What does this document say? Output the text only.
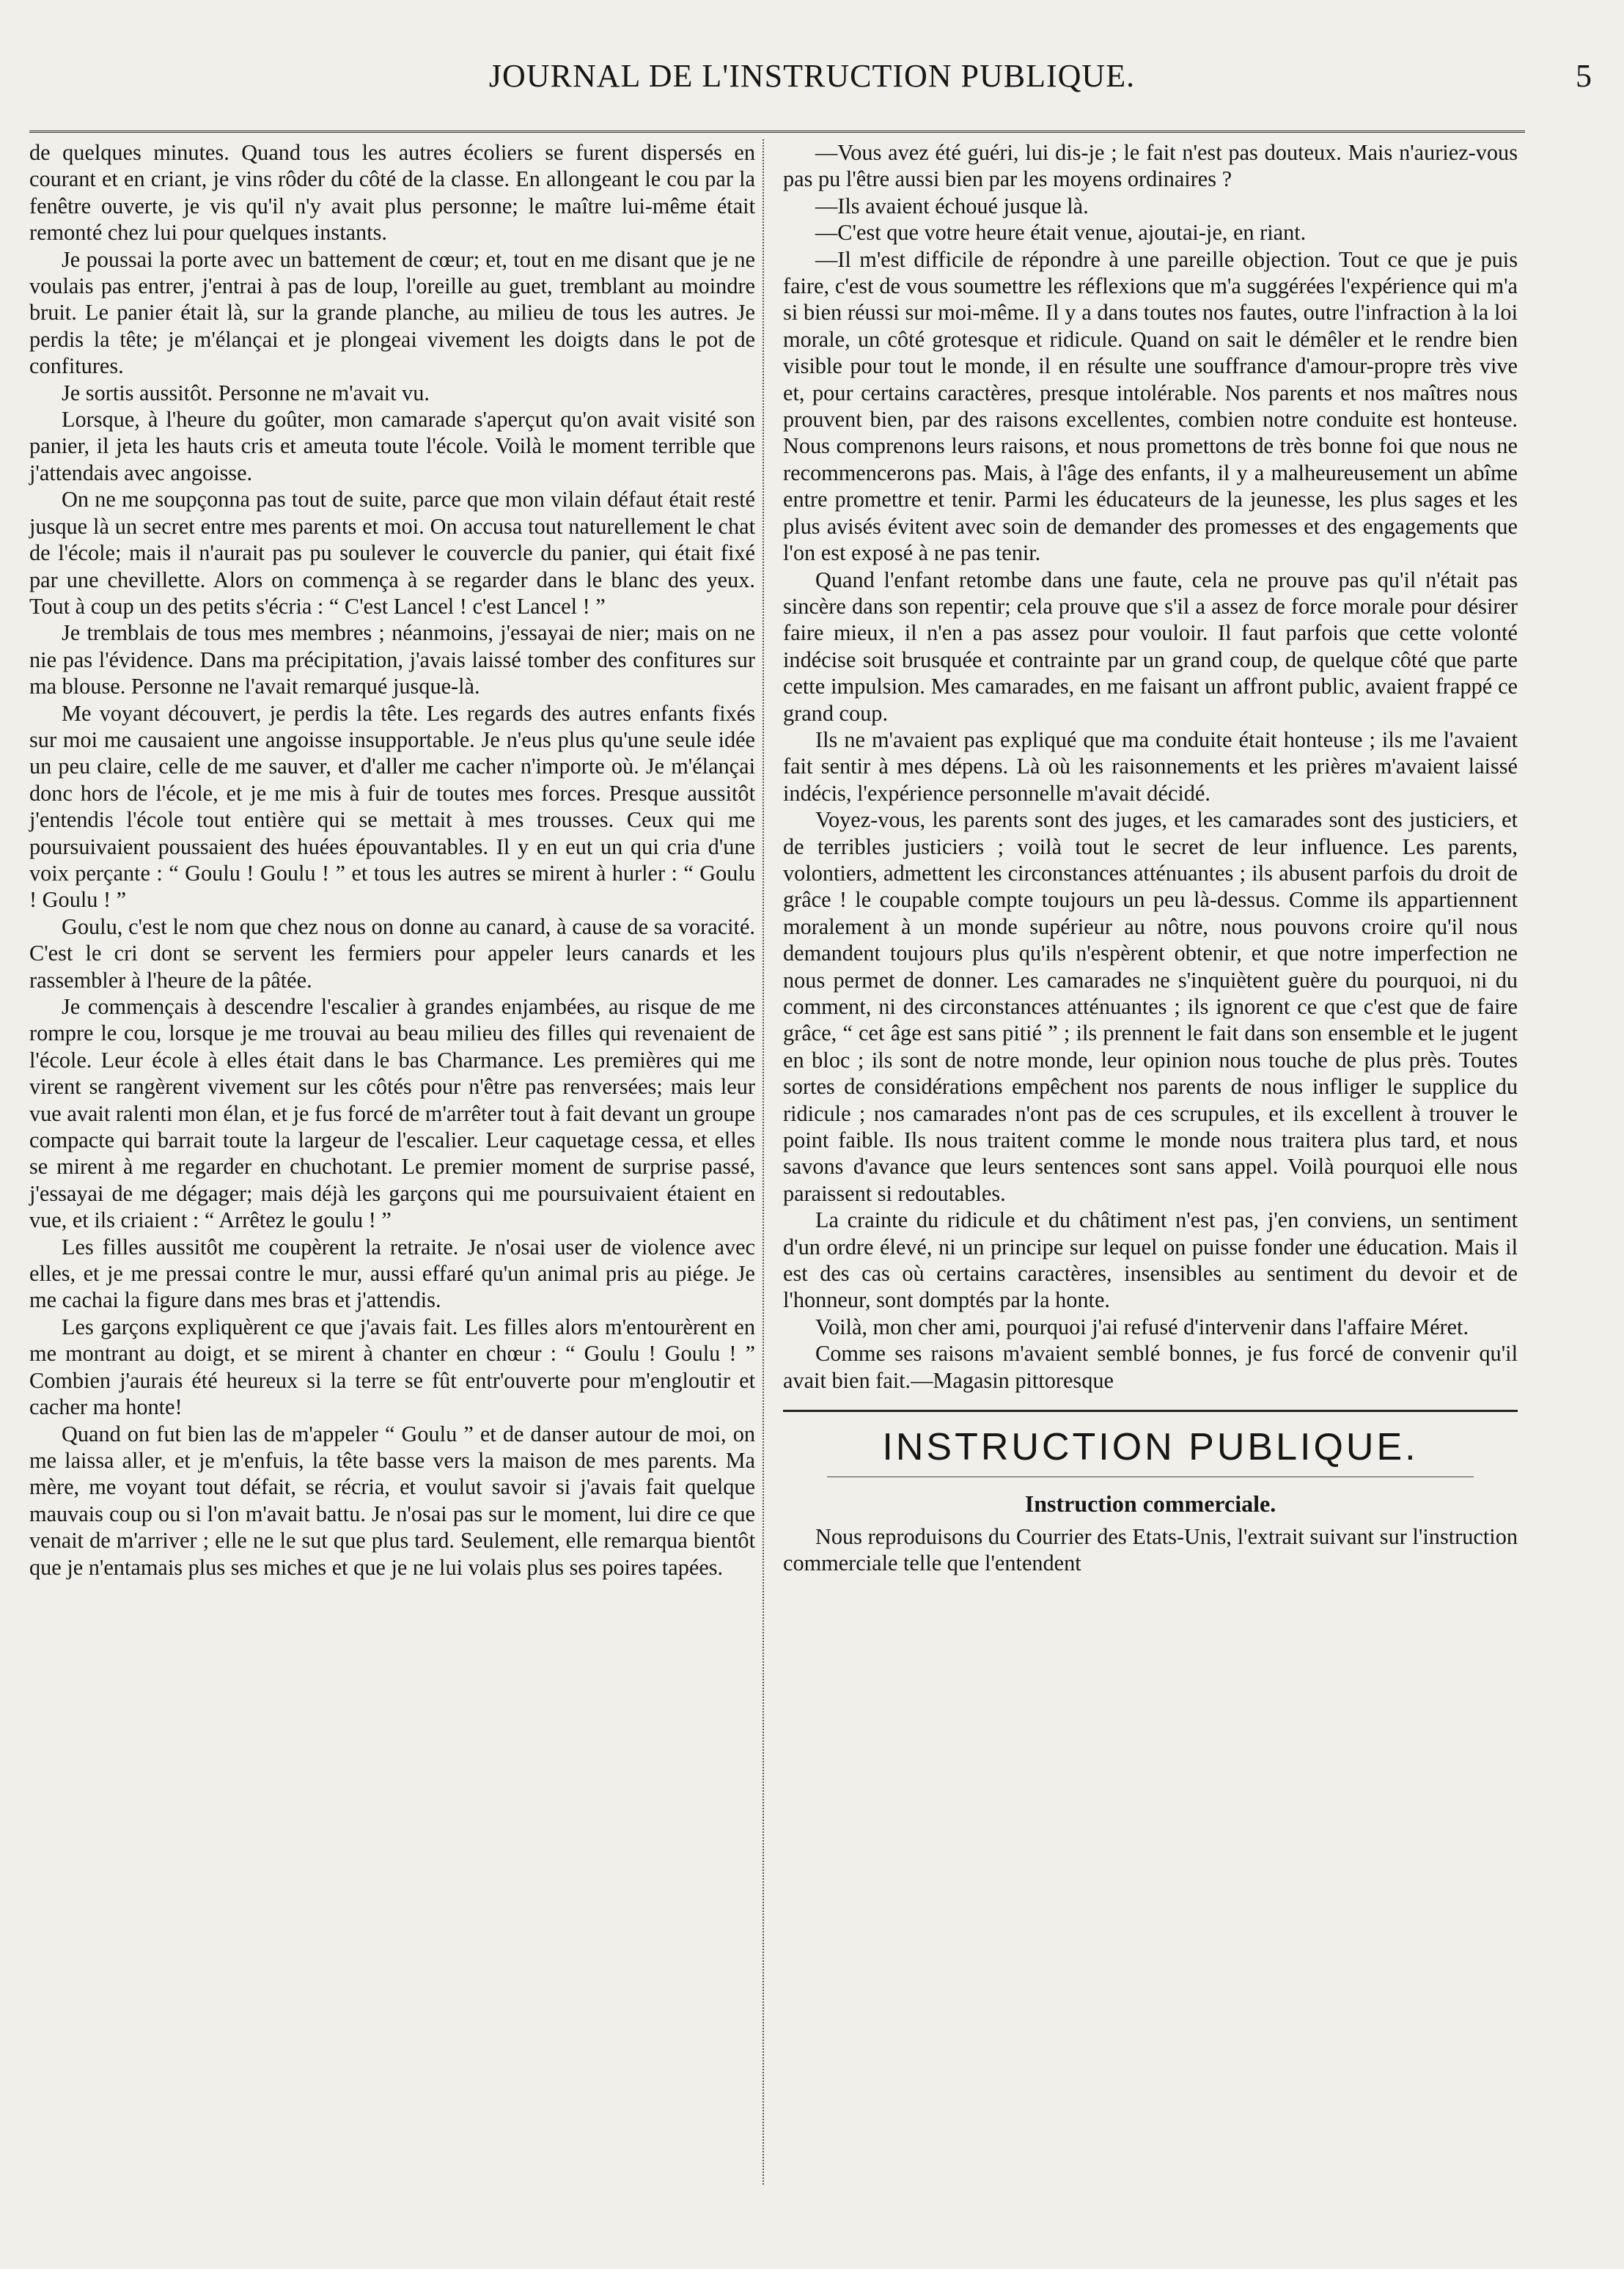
JOURNAL DE L'INSTRUCTION PUBLIQUE.	5

de quelques minutes. Quand tous les autres écoliers se furent dispersés en courant et en criant, je vins rôder du côté de la classe. En allongeant le cou par la fenêtre ouverte, je vis qu'il n'y avait plus personne; le maître lui-même était remonté chez lui pour quelques instants.

Je poussai la porte avec un battement de cœur; et, tout en me disant que je ne voulais pas entrer, j'entrai à pas de loup, l'oreille au guet, tremblant au moindre bruit. Le panier était là, sur la grande planche, au milieu de tous les autres. Je perdis la tête; je m'élançai et je plongeai vivement les doigts dans le pot de confitures.

Je sortis aussitôt. Personne ne m'avait vu.

Lorsque, à l'heure du goûter, mon camarade s'aperçut qu'on avait visité son panier, il jeta les hauts cris et ameuta toute l'école. Voilà le moment terrible que j'attendais avec angoisse.

On ne me soupçonna pas tout de suite, parce que mon vilain défaut était resté jusque là un secret entre mes parents et moi. On accusa tout naturellement le chat de l'école; mais il n'aurait pas pu soulever le couvercle du panier, qui était fixé par une chevillette. Alors on commença à se regarder dans le blanc des yeux. Tout à coup un des petits s'écria : “ C'est Lancel ! c'est Lancel ! ”

Je tremblais de tous mes membres ; néanmoins, j'essayai de nier; mais on ne nie pas l'évidence. Dans ma précipitation, j'avais laissé tomber des confitures sur ma blouse. Personne ne l'avait remarqué jusque-là.

Me voyant découvert, je perdis la tête. Les regards des autres enfants fixés sur moi me causaient une angoisse insupportable. Je n'eus plus qu'une seule idée un peu claire, celle de me sauver, et d'aller me cacher n'importe où. Je m'élançai donc hors de l'école, et je me mis à fuir de toutes mes forces. Presque aussitôt j'entendis l'école tout entière qui se mettait à mes trousses. Ceux qui me poursuivaient poussaient des huées épouvantables. Il y en eut un qui cria d'une voix perçante : “ Goulu ! Goulu ! ” et tous les autres se mirent à hurler : “ Goulu ! Goulu ! ”

Goulu, c'est le nom que chez nous on donne au canard, à cause de sa voracité. C'est le cri dont se servent les fermiers pour appeler leurs canards et les rassembler à l'heure de la pâtée.

Je commençais à descendre l'escalier à grandes enjambées, au risque de me rompre le cou, lorsque je me trouvai au beau milieu des filles qui revenaient de l'école. Leur école à elles était dans le bas Charmance. Les premières qui me virent se rangèrent vivement sur les côtés pour n'être pas renversées; mais leur vue avait ralenti mon élan, et je fus forcé de m'arrêter tout à fait devant un groupe compacte qui barrait toute la largeur de l'escalier. Leur caquetage cessa, et elles se mirent à me regarder en chuchotant. Le premier moment de surprise passé, j'essayai de me dégager; mais déjà les garçons qui me poursuivaient étaient en vue, et ils criaient : “ Arrêtez le goulu ! ”

Les filles aussitôt me coupèrent la retraite. Je n'osai user de violence avec elles, et je me pressai contre le mur, aussi effaré qu'un animal pris au piége. Je me cachai la figure dans mes bras et j'attendis.

Les garçons expliquèrent ce que j'avais fait. Les filles alors m'entourèrent en me montrant au doigt, et se mirent à chanter en chœur : “ Goulu ! Goulu ! ” Combien j'aurais été heureux si la terre se fût entr'ouverte pour m'engloutir et cacher ma honte!

Quand on fut bien las de m'appeler “ Goulu ” et de danser autour de moi, on me laissa aller, et je m'enfuis, la tête basse vers la maison de mes parents. Ma mère, me voyant tout défait, se récria, et voulut savoir si j'avais fait quelque mauvais coup ou si l'on m'avait battu. Je n'osai pas sur le moment, lui dire ce que venait de m'arriver ; elle ne le sut que plus tard. Seulement, elle remarqua bientôt que je n'entamais plus ses miches et que je ne lui volais plus ses poires tapées.

—Vous avez été guéri, lui dis-je ; le fait n'est pas douteux. Mais n'auriez-vous pas pu l'être aussi bien par les moyens ordinaires ?

—Ils avaient échoué jusque là.

—C'est que votre heure était venue, ajoutai-je, en riant.

—Il m'est difficile de répondre à une pareille objection. Tout ce que je puis faire, c'est de vous soumettre les réflexions que m'a suggérées l'expérience qui m'a si bien réussi sur moi-même. Il y a dans toutes nos fautes, outre l'infraction à la loi morale, un côté grotesque et ridicule. Quand on sait le démêler et le rendre bien visible pour tout le monde, il en résulte une souffrance d'amour-propre très vive et, pour certains caractères, presque intolérable. Nos parents et nos maîtres nous prouvent bien, par des raisons excellentes, combien notre conduite est honteuse. Nous comprenons leurs raisons, et nous promettons de très bonne foi que nous ne recommencerons pas. Mais, à l'âge des enfants, il y a malheureusement un abîme entre promettre et tenir. Parmi les éducateurs de la jeunesse, les plus sages et les plus avisés évitent avec soin de demander des promesses et des engagements que l'on est exposé à ne pas tenir.

Quand l'enfant retombe dans une faute, cela ne prouve pas qu'il n'était pas sincère dans son repentir; cela prouve que s'il a assez de force morale pour désirer faire mieux, il n'en a pas assez pour vouloir. Il faut parfois que cette volonté indécise soit brusquée et contrainte par un grand coup, de quelque côté que parte cette impulsion. Mes camarades, en me faisant un affront public, avaient frappé ce grand coup.

Ils ne m'avaient pas expliqué que ma conduite était honteuse ; ils me l'avaient fait sentir à mes dépens. Là où les raisonnements et les prières m'avaient laissé indécis, l'expérience personnelle m'avait décidé.

Voyez-vous, les parents sont des juges, et les camarades sont des justiciers, et de terribles justiciers ; voilà tout le secret de leur influence. Les parents, volontiers, admettent les circonstances atténuantes ; ils abusent parfois du droit de grâce ! le coupable compte toujours un peu là-dessus. Comme ils appartiennent moralement à un monde supérieur au nôtre, nous pouvons croire qu'il nous demandent toujours plus qu'ils n'espèrent obtenir, et que notre imperfection ne nous permet de donner. Les camarades ne s'inquiètent guère du pourquoi, ni du comment, ni des circonstances atténuantes ; ils ignorent ce que c'est que de faire grâce, “ cet âge est sans pitié ” ; ils prennent le fait dans son ensemble et le jugent en bloc ; ils sont de notre monde, leur opinion nous touche de plus près. Toutes sortes de considérations empêchent nos parents de nous infliger le supplice du ridicule ; nos camarades n'ont pas de ces scrupules, et ils excellent à trouver le point faible. Ils nous traitent comme le monde nous traitera plus tard, et nous savons d'avance que leurs sentences sont sans appel. Voilà pourquoi elle nous paraissent si redoutables.

La crainte du ridicule et du châtiment n'est pas, j'en conviens, un sentiment d'un ordre élevé, ni un principe sur lequel on puisse fonder une éducation. Mais il est des cas où certains caractères, insensibles au sentiment du devoir et de l'honneur, sont domptés par la honte.

Voilà, mon cher ami, pourquoi j'ai refusé d'intervenir dans l'affaire Méret.

Comme ses raisons m'avaient semblé bonnes, je fus forcé de convenir qu'il avait bien fait.—Magasin pittoresque

INSTRUCTION PUBLIQUE.
Instruction commerciale.

Nous reproduisons du Courrier des Etats-Unis, l'extrait suivant sur l'instruction commerciale telle que l'entendent
